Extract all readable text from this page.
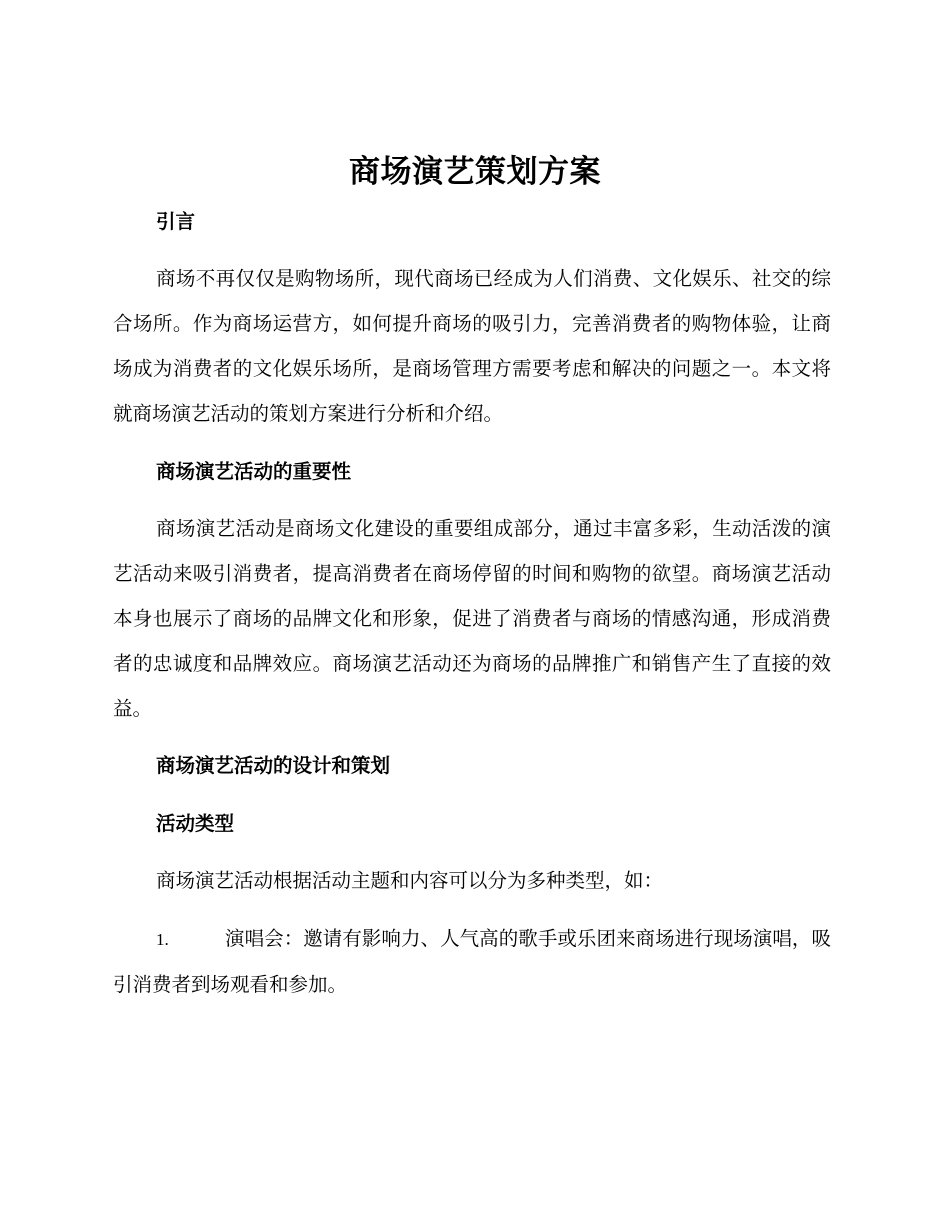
商场演艺策划方案
引言

商场不再仅仅是购物场所，现代商场已经成为人们消费、文化娱乐、社交的综合场所。作为商场运营方，如何提升商场的吸引力，完善消费者的购物体验，让商场成为消费者的文化娱乐场所，是商场管理方需要考虑和解决的问题之一。本文将就商场演艺活动的策划方案进行分析和介绍。

商场演艺活动的重要性

商场演艺活动是商场文化建设的重要组成部分，通过丰富多彩，生动活泼的演艺活动来吸引消费者，提高消费者在商场停留的时间和购物的欲望。商场演艺活动本身也展示了商场的品牌文化和形象，促进了消费者与商场的情感沟通，形成消费者的忠诚度和品牌效应。商场演艺活动还为商场的品牌推广和销售产生了直接的效益。

商场演艺活动的设计和策划
活动类型

商场演艺活动根据活动主题和内容可以分为多种类型，如：

1.	演唱会：邀请有影响力、人气高的歌手或乐团来商场进行现场演唱，吸引消费者到场观看和参加。
